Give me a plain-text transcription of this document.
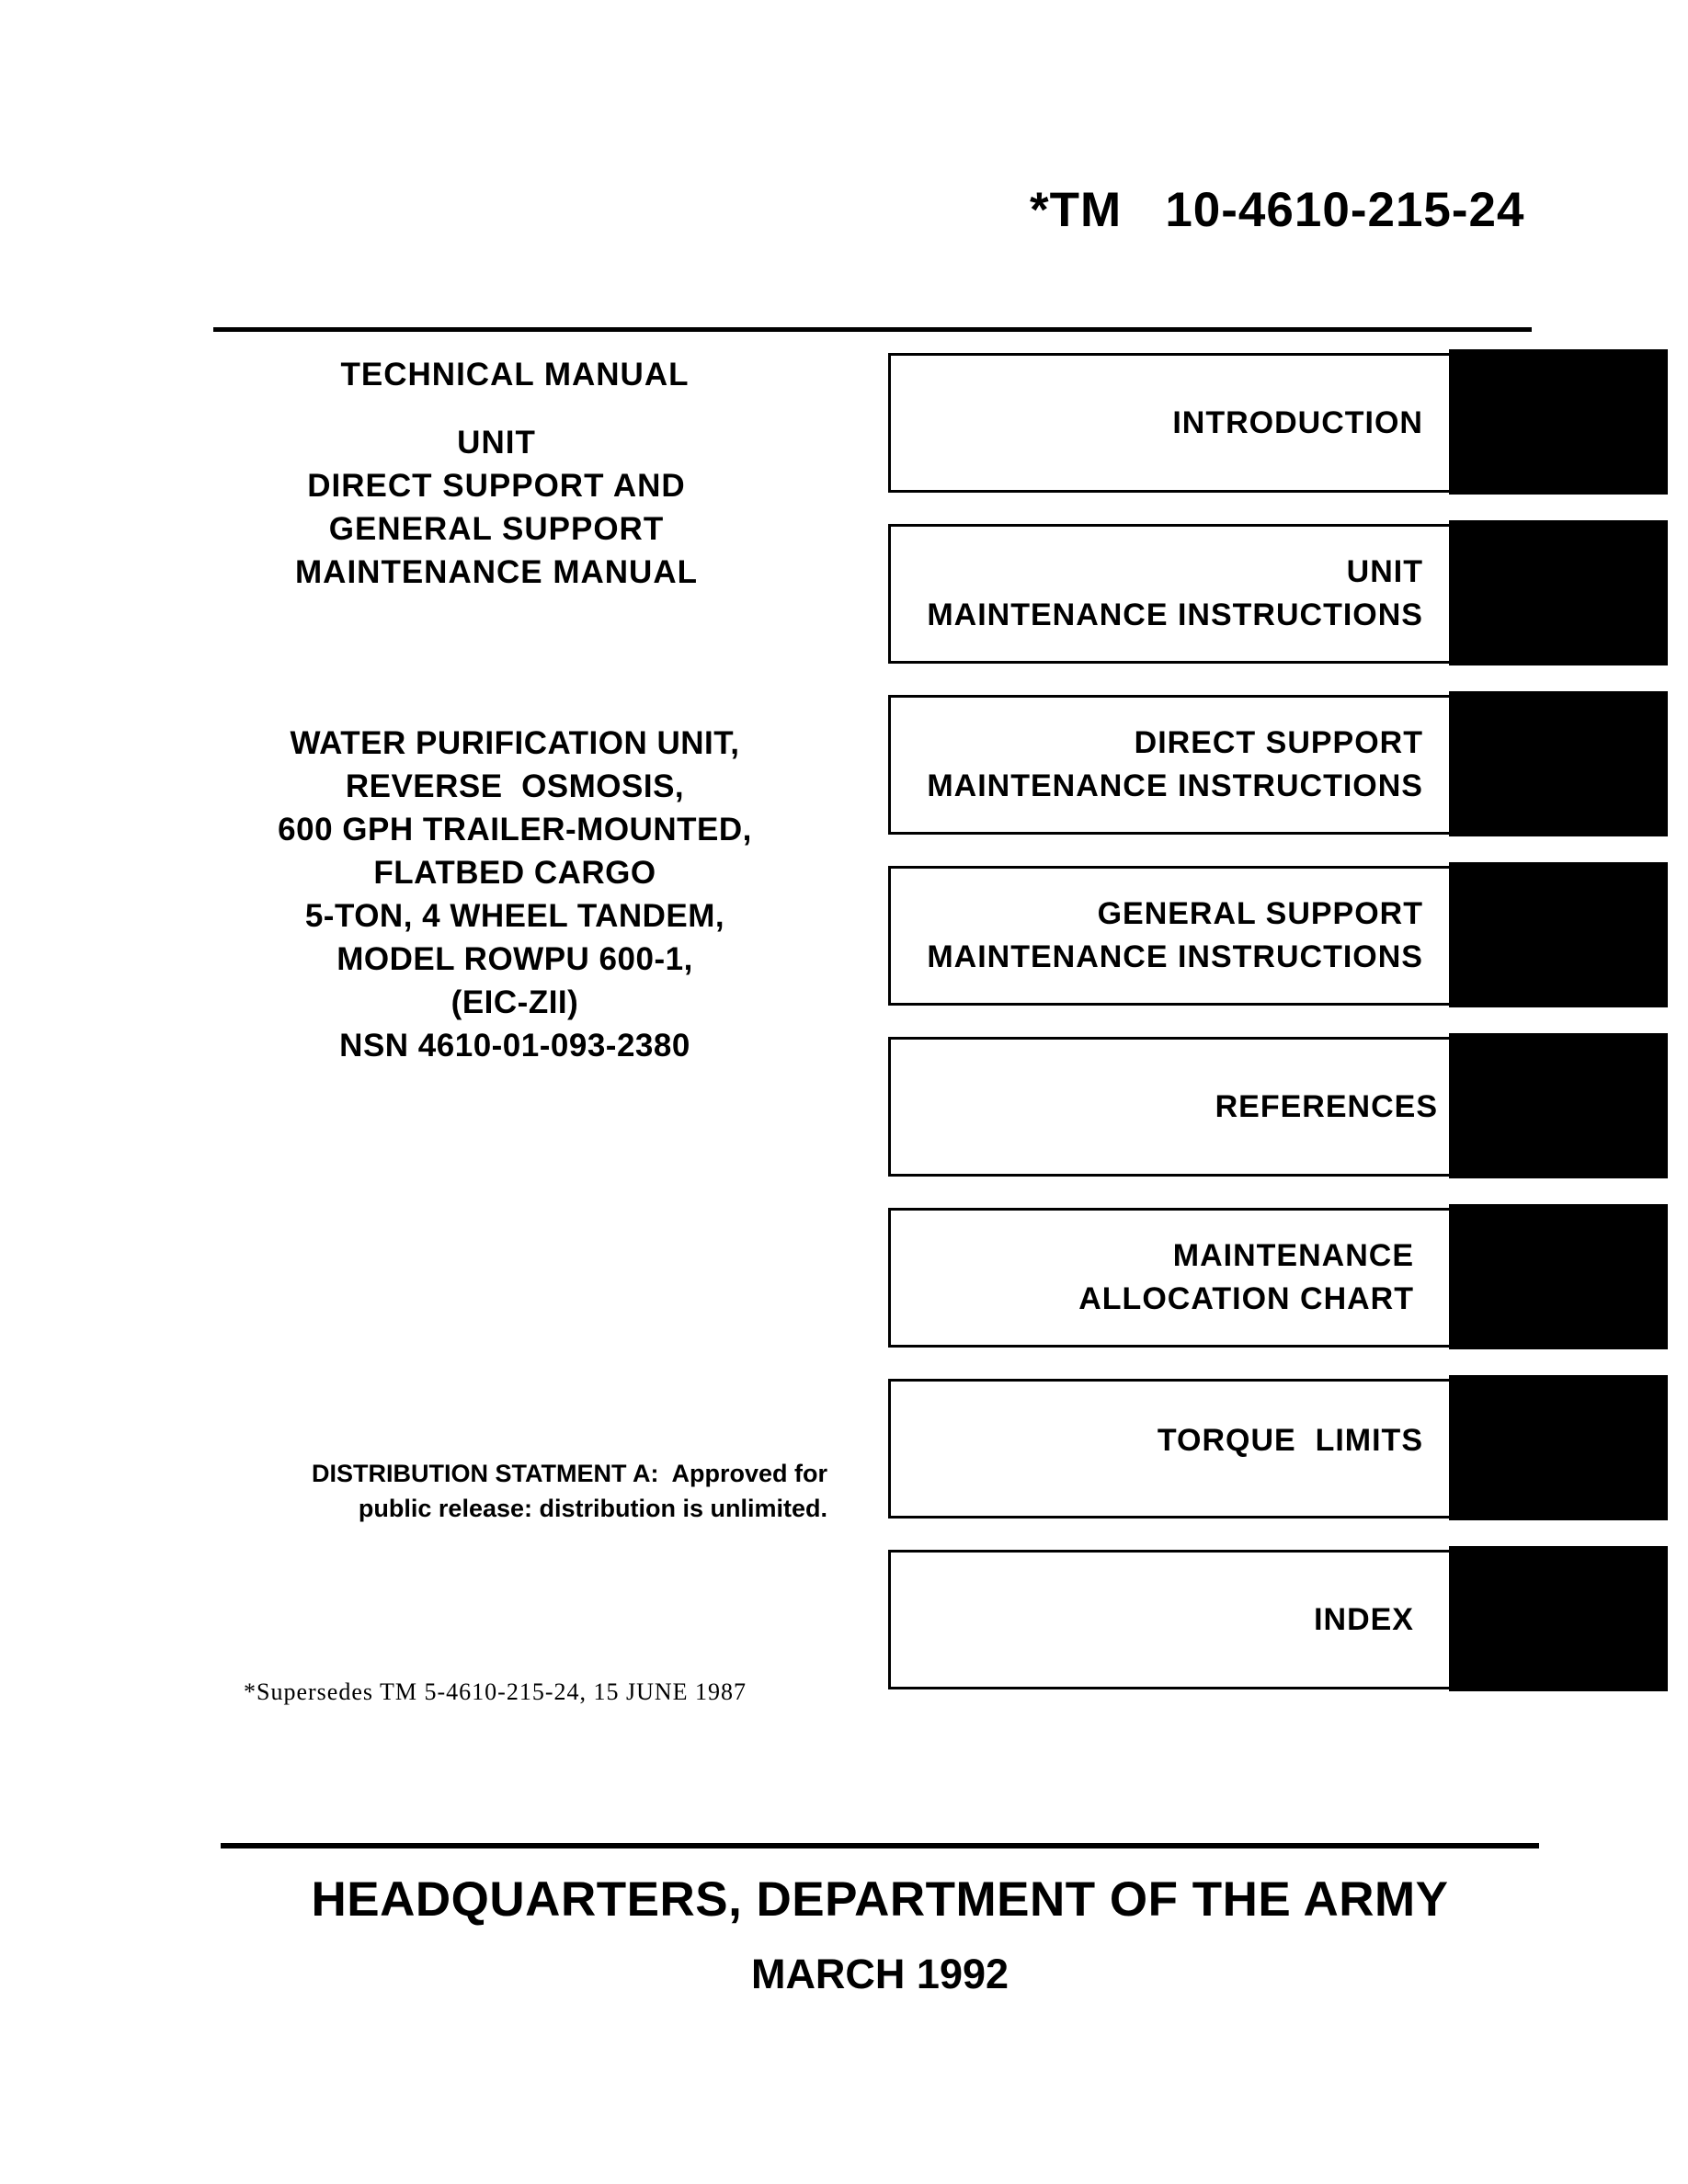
*TM   10-4610-215-24
TECHNICAL MANUAL
UNIT
DIRECT SUPPORT AND
GENERAL SUPPORT
MAINTENANCE MANUAL
WATER PURIFICATION UNIT,
REVERSE  OSMOSIS,
600 GPH TRAILER-MOUNTED,
FLATBED CARGO
5-TON, 4 WHEEL TANDEM,
MODEL ROWPU 600-1,
(EIC-ZII)
NSN 4610-01-093-2380
DISTRIBUTION STATMENT A:  Approved for
public release: distribution is unlimited.
*Supersedes TM 5-4610-215-24, 15 JUNE 1987
INTRODUCTION
UNIT
MAINTENANCE INSTRUCTIONS
DIRECT SUPPORT
MAINTENANCE INSTRUCTIONS
GENERAL SUPPORT
MAINTENANCE INSTRUCTIONS
REFERENCES
MAINTENANCE
ALLOCATION CHART
TORQUE  LIMITS
INDEX
HEADQUARTERS, DEPARTMENT OF THE ARMY
MARCH 1992
